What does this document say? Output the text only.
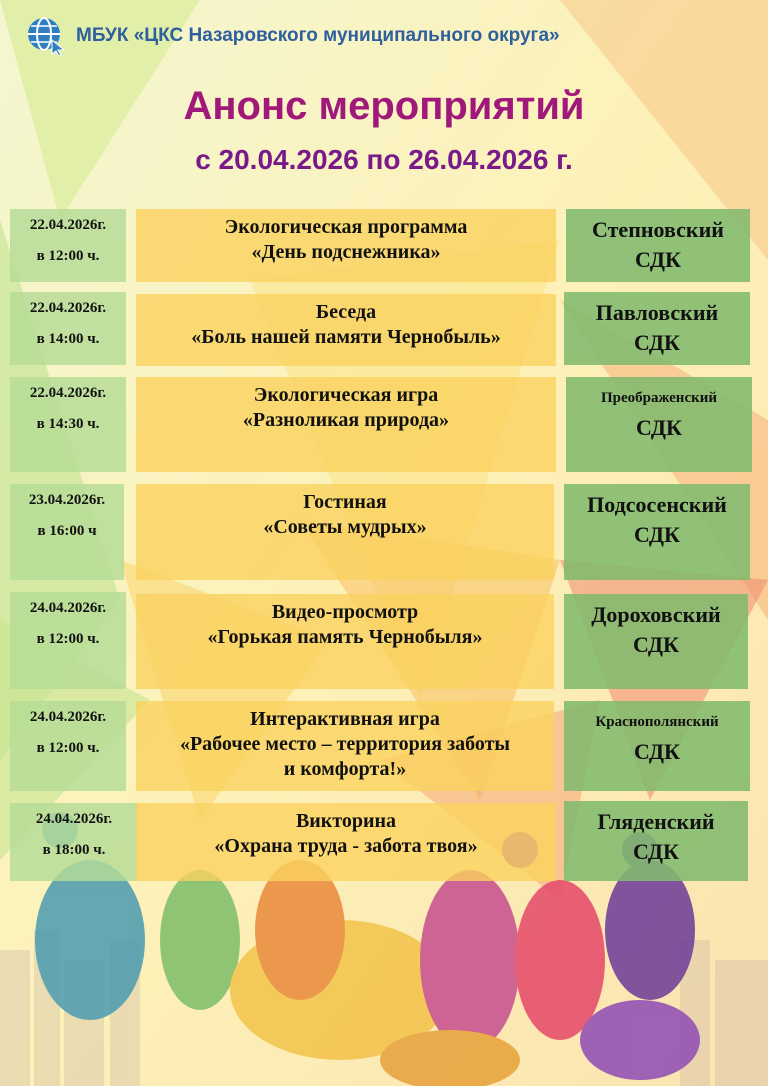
МБУК «ЦКС Назаровского муниципального округа»
Анонс мероприятий
с 20.04.2026 по 26.04.2026 г.
22.04.2026г.
в 12:00 ч.
Экологическая программа
«День подснежника»
Степновский
СДК
22.04.2026г.
в 14:00 ч.
Беседа
«Боль нашей памяти Чернобыль»
Павловский
СДК
22.04.2026г.
в 14:30 ч.
Экологическая игра
«Разноликая природа»
Преображенский
СДК
23.04.2026г.
в 16:00 ч
Гостиная
«Советы мудрых»
Подсосенский
СДК
24.04.2026г.
в 12:00 ч.
Видео-просмотр
«Горькая память Чернобыля»
Дороховский
СДК
24.04.2026г.
в 12:00 ч.
Интерактивная игра
«Рабочее место – территория заботы
и комфорта!»
Краснополянский
СДК
24.04.2026г.
в 18:00 ч.
Викторина
«Охрана труда - забота твоя»
Гляденский
СДК
